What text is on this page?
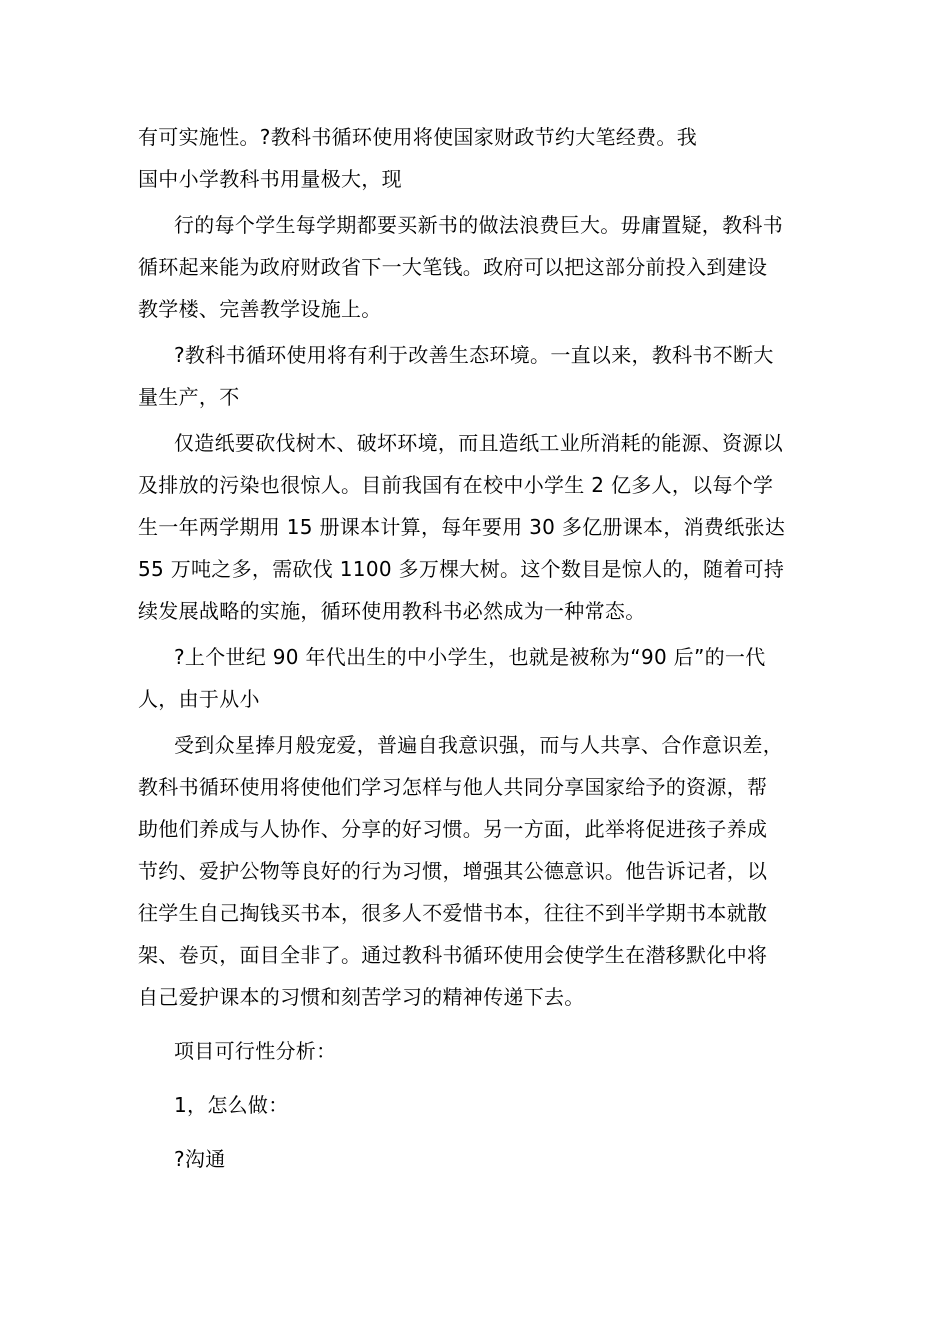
有可实施性。?教科书循环使用将使国家财政节约大笔经费。我
国中小学教科书用量极大，现
行的每个学生每学期都要买新书的做法浪费巨大。毋庸置疑，教科书
循环起来能为政府财政省下一大笔钱。政府可以把这部分前投入到建设
教学楼、完善教学设施上。
?教科书循环使用将有利于改善生态环境。一直以来，教科书不断大
量生产，不
仅造纸要砍伐树木、破坏环境，而且造纸工业所消耗的能源、资源以
及排放的污染也很惊人。目前我国有在校中小学生 2 亿多人，以每个学
生一年两学期用 15 册课本计算，每年要用 30 多亿册课本，消费纸张达
55 万吨之多，需砍伐 1100 多万棵大树。这个数目是惊人的，随着可持
续发展战略的实施，循环使用教科书必然成为一种常态。
?上个世纪 90 年代出生的中小学生，也就是被称为“90 后”的一代
人，由于从小
受到众星捧月般宠爱，普遍自我意识强，而与人共享、合作意识差，
教科书循环使用将使他们学习怎样与他人共同分享国家给予的资源，帮
助他们养成与人协作、分享的好习惯。另一方面，此举将促进孩子养成
节约、爱护公物等良好的行为习惯，增强其公德意识。他告诉记者，以
往学生自己掏钱买书本，很多人不爱惜书本，往往不到半学期书本就散
架、卷页，面目全非了。通过教科书循环使用会使学生在潜移默化中将
自己爱护课本的习惯和刻苦学习的精神传递下去。
项目可行性分析：
1，怎么做：
?沟通
